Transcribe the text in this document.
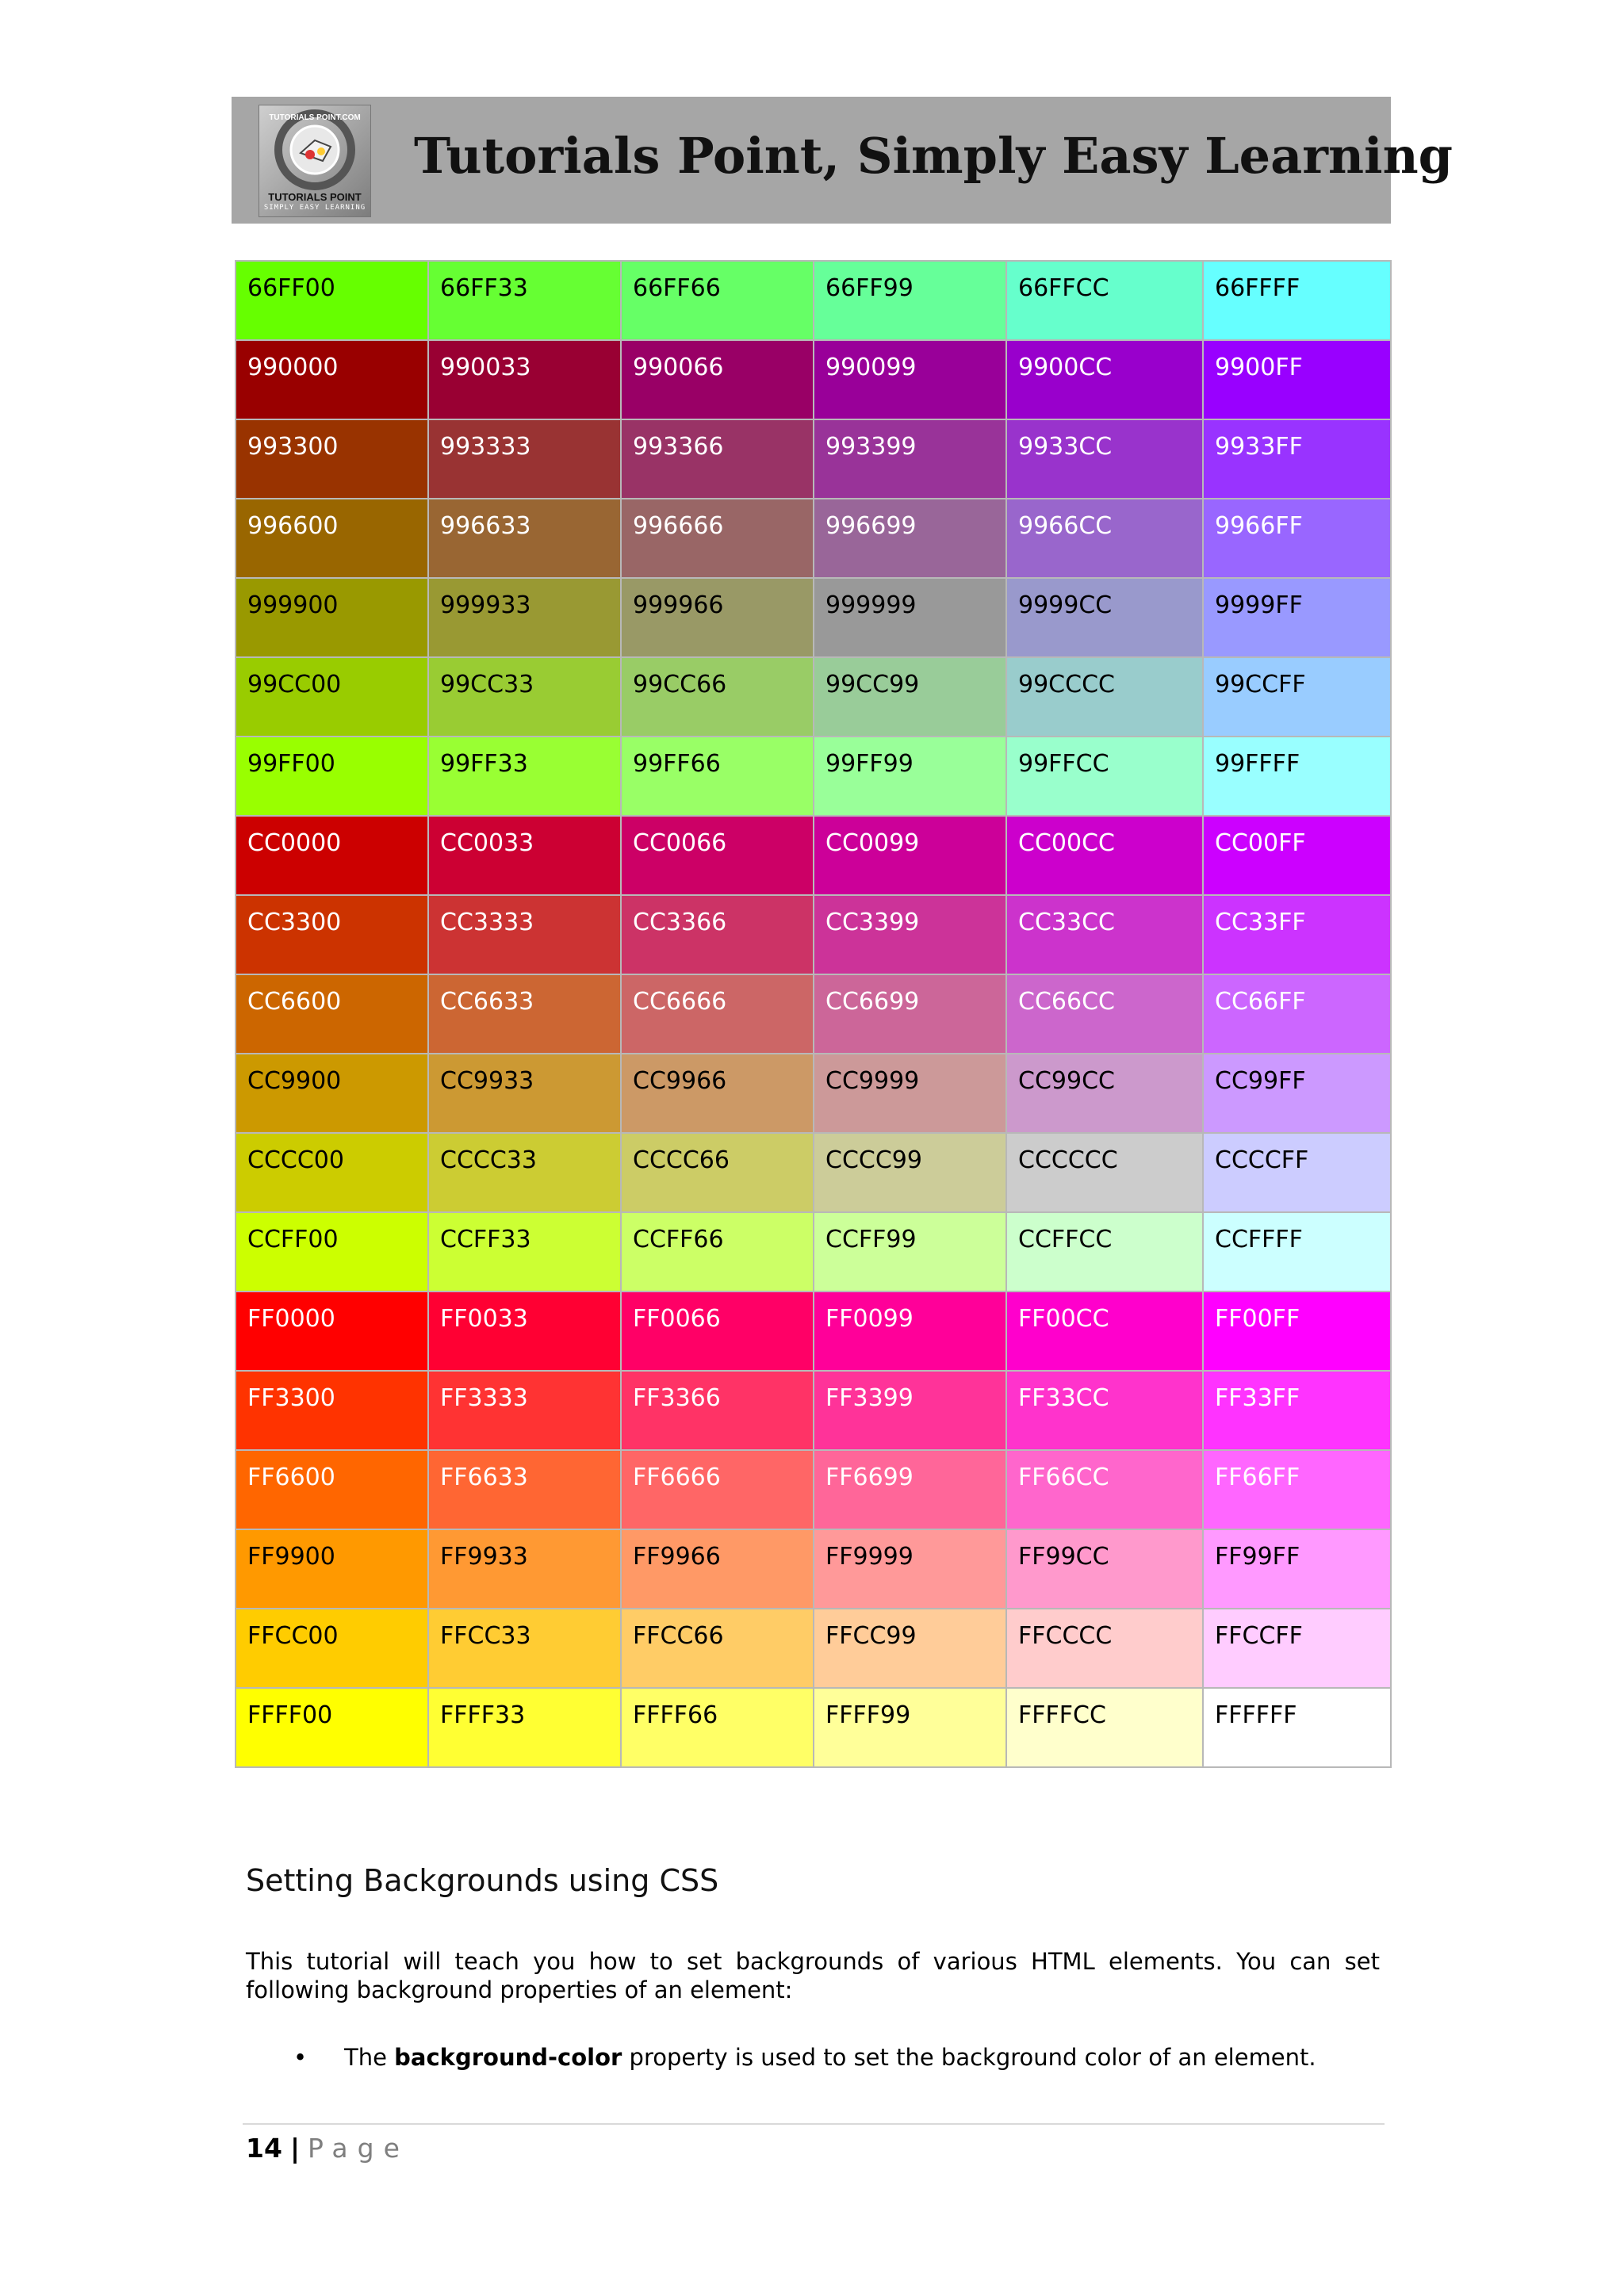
TUTORIALS POINT.COM
TUTORIALS POINT
SIMPLY EASY LEARNING
Tutorials Point, Simply Easy Learning
66FF00	66FF33	66FF66	66FF99	66FFCC	66FFFF
990000	990033	990066	990099	9900CC	9900FF
993300	993333	993366	993399	9933CC	9933FF
996600	996633	996666	996699	9966CC	9966FF
999900	999933	999966	999999	9999CC	9999FF
99CC00	99CC33	99CC66	99CC99	99CCCC	99CCFF
99FF00	99FF33	99FF66	99FF99	99FFCC	99FFFF
CC0000	CC0033	CC0066	CC0099	CC00CC	CC00FF
CC3300	CC3333	CC3366	CC3399	CC33CC	CC33FF
CC6600	CC6633	CC6666	CC6699	CC66CC	CC66FF
CC9900	CC9933	CC9966	CC9999	CC99CC	CC99FF
CCCC00	CCCC33	CCCC66	CCCC99	CCCCCC	CCCCFF
CCFF00	CCFF33	CCFF66	CCFF99	CCFFCC	CCFFFF
FF0000	FF0033	FF0066	FF0099	FF00CC	FF00FF
FF3300	FF3333	FF3366	FF3399	FF33CC	FF33FF
FF6600	FF6633	FF6666	FF6699	FF66CC	FF66FF
FF9900	FF9933	FF9966	FF9999	FF99CC	FF99FF
FFCC00	FFCC33	FFCC66	FFCC99	FFCCCC	FFCCFF
FFFF00	FFFF33	FFFF66	FFFF99	FFFFCC	FFFFFF
Setting Backgrounds using CSS

This tutorial will teach you how to set backgrounds of various HTML elements. You can set following background properties of an element:

• The background-color property is used to set the background color of an element.
14 | Page
